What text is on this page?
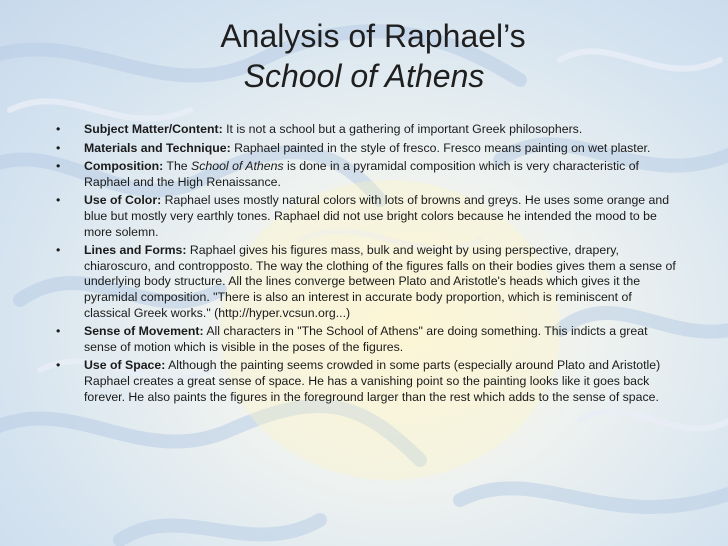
Analysis of Raphael’s
School of Athens
• Subject Matter/Content: It is not a school but a gathering of important Greek philosophers.
• Materials and Technique: Raphael painted in the style of fresco. Fresco means painting on wet plaster.
• Composition: The School of Athens is done in a pyramidal composition which is very characteristic of Raphael and the High Renaissance.
• Use of Color: Raphael uses mostly natural colors with lots of browns and greys. He uses some orange and blue but mostly very earthly tones. Raphael did not use bright colors because he intended the mood to be more solemn.
• Lines and Forms: Raphael gives his figures mass, bulk and weight by using perspective, drapery, chiaroscuro, and contropposto. The way the clothing of the figures falls on their bodies gives them a sense of underlying body structure. All the lines converge between Plato and Aristotle's heads which gives it the pyramidal composition. "There is also an interest in accurate body proportion, which is reminiscent of classical Greek works." (http://hyper.vcsun.org...)
• Sense of Movement: All characters in "The School of Athens" are doing something. This indicts a great sense of motion which is visible in the poses of the figures.
• Use of Space: Although the painting seems crowded in some parts (especially around Plato and Aristotle) Raphael creates a great sense of space. He has a vanishing point so the painting looks like it goes back forever. He also paints the figures in the foreground larger than the rest which adds to the sense of space.
